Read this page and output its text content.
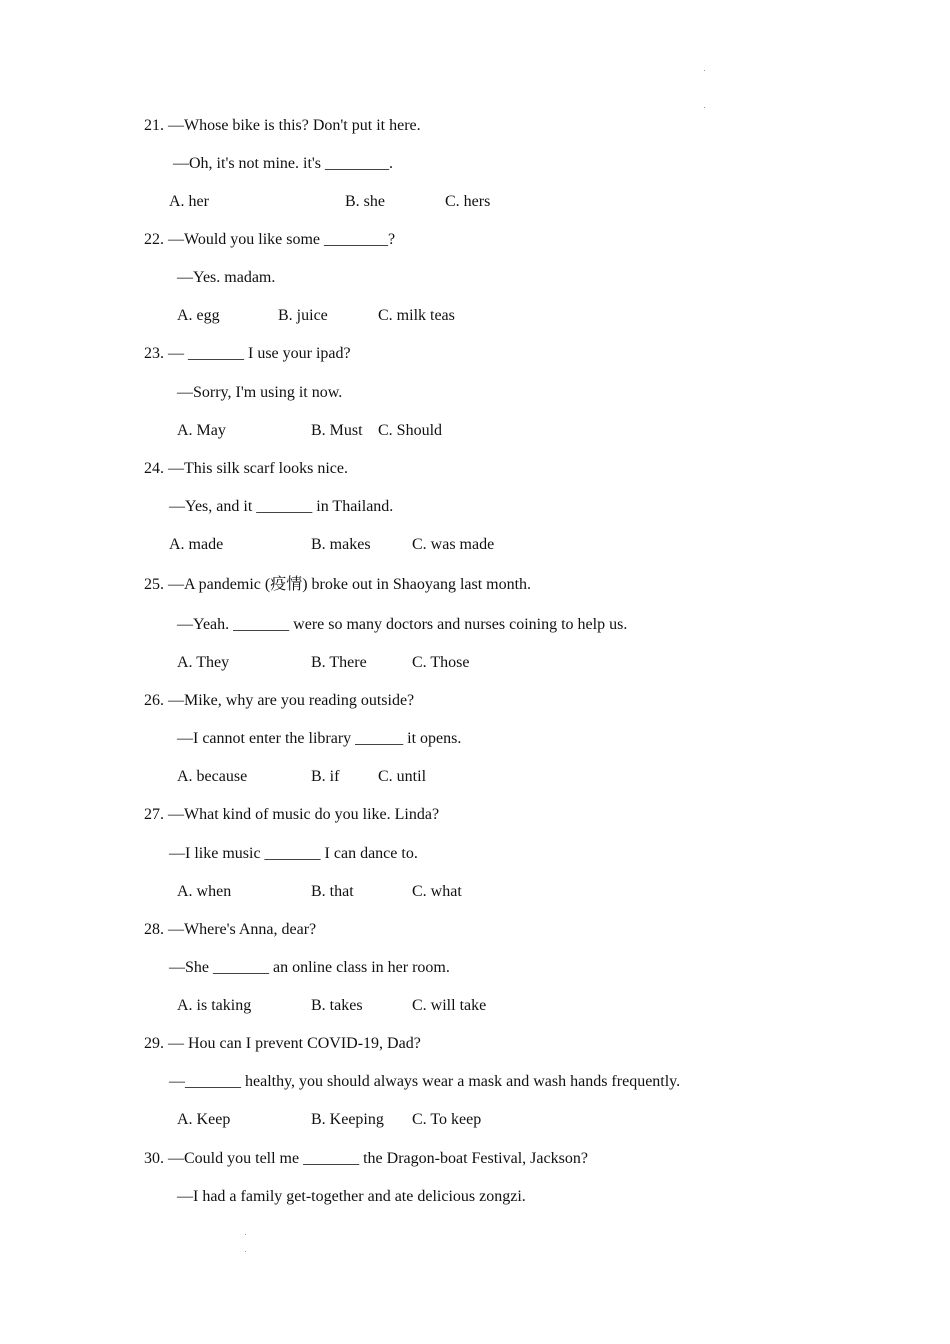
21. —Whose bike is this? Don't put it here.
—Oh, it's not mine. it's ________.
A. her	B. she	C. hers
22. —Would you like some ________?
—Yes. madam.
A. egg	B. juice	C. milk teas
23. — _______ I use your ipad?
—Sorry, I'm using it now.
A. May	B. Must C. Should
24. —This silk scarf looks nice.
—Yes, and it _______ in Thailand.
A. made	B. makes	C. was made
25. —A pandemic (疫情) broke out in Shaoyang last month.
—Yeah. _______ were so many doctors and nurses coining to help us.
A. They	B. There	C. Those
26. —Mike, why are you reading outside?
—I cannot enter the library ______ it opens.
A. because	B. if C. until
27. —What kind of music do you like. Linda?
—I like music _______ I can dance to.
A. when	B. that	C. what
28. —Where's Anna, dear?
—She _______ an online class in her room.
A. is taking	B. takes	C. will take
29. — Hou can I prevent COVID-19, Dad?
—_______ healthy, you should always wear a mask and wash hands frequently.
A. Keep	B. Keeping C. To keep
30. —Could you tell me _______ the Dragon-boat Festival, Jackson?
—I had a family get-together and ate delicious zongzi.
